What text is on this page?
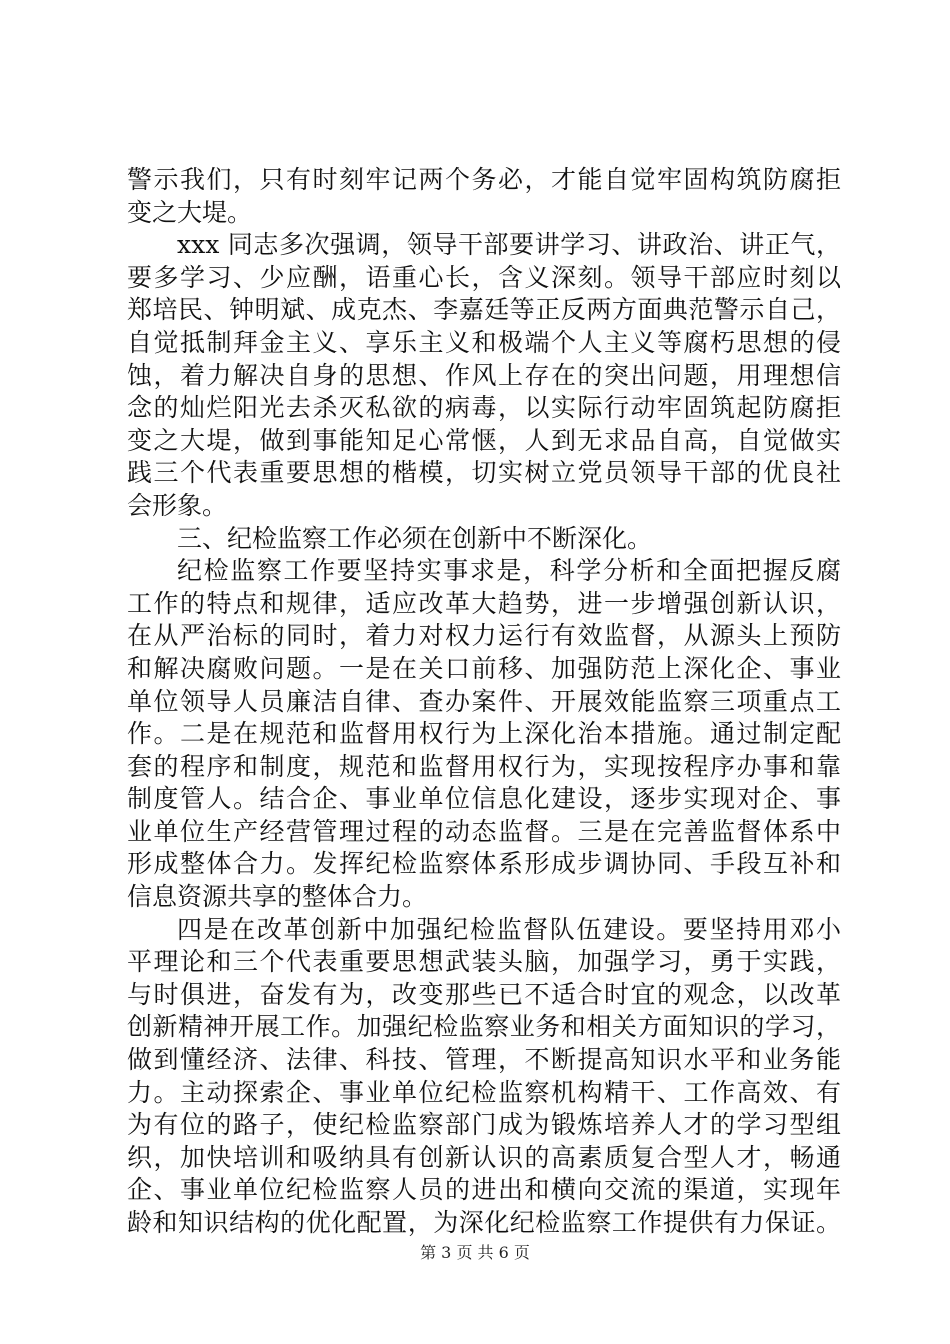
警示我们，只有时刻牢记两个务必，才能自觉牢固构筑防腐拒
变之大堤。
xxx 同志多次强调，领导干部要讲学习、讲政治、讲正气，
要多学习、少应酬，语重心长，含义深刻。领导干部应时刻以
郑培民、钟明斌、成克杰、李嘉廷等正反两方面典范警示自己，
自觉抵制拜金主义、享乐主义和极端个人主义等腐朽思想的侵
蚀，着力解决自身的思想、作风上存在的突出问题，用理想信
念的灿烂阳光去杀灭私欲的病毒，以实际行动牢固筑起防腐拒
变之大堤，做到事能知足心常惬，人到无求品自高，自觉做实
践三个代表重要思想的楷模，切实树立党员领导干部的优良社
会形象。
三、纪检监察工作必须在创新中不断深化。
纪检监察工作要坚持实事求是，科学分析和全面把握反腐
工作的特点和规律，适应改革大趋势，进一步增强创新认识，
在从严治标的同时，着力对权力运行有效监督，从源头上预防
和解决腐败问题。一是在关口前移、加强防范上深化企、事业
单位领导人员廉洁自律、查办案件、开展效能监察三项重点工
作。二是在规范和监督用权行为上深化治本措施。通过制定配
套的程序和制度，规范和监督用权行为，实现按程序办事和靠
制度管人。结合企、事业单位信息化建设，逐步实现对企、事
业单位生产经营管理过程的动态监督。三是在完善监督体系中
形成整体合力。发挥纪检监察体系形成步调协同、手段互补和
信息资源共享的整体合力。
四是在改革创新中加强纪检监督队伍建设。要坚持用邓小
平理论和三个代表重要思想武装头脑，加强学习，勇于实践，
与时俱进，奋发有为，改变那些已不适合时宜的观念，以改革
创新精神开展工作。加强纪检监察业务和相关方面知识的学习，
做到懂经济、法律、科技、管理，不断提高知识水平和业务能
力。主动探索企、事业单位纪检监察机构精干、工作高效、有
为有位的路子，使纪检监察部门成为锻炼培养人才的学习型组
织，加快培训和吸纳具有创新认识的高素质复合型人才，畅通
企、事业单位纪检监察人员的进出和横向交流的渠道，实现年
龄和知识结构的优化配置，为深化纪检监察工作提供有力保证。
第 3 页 共 6 页
